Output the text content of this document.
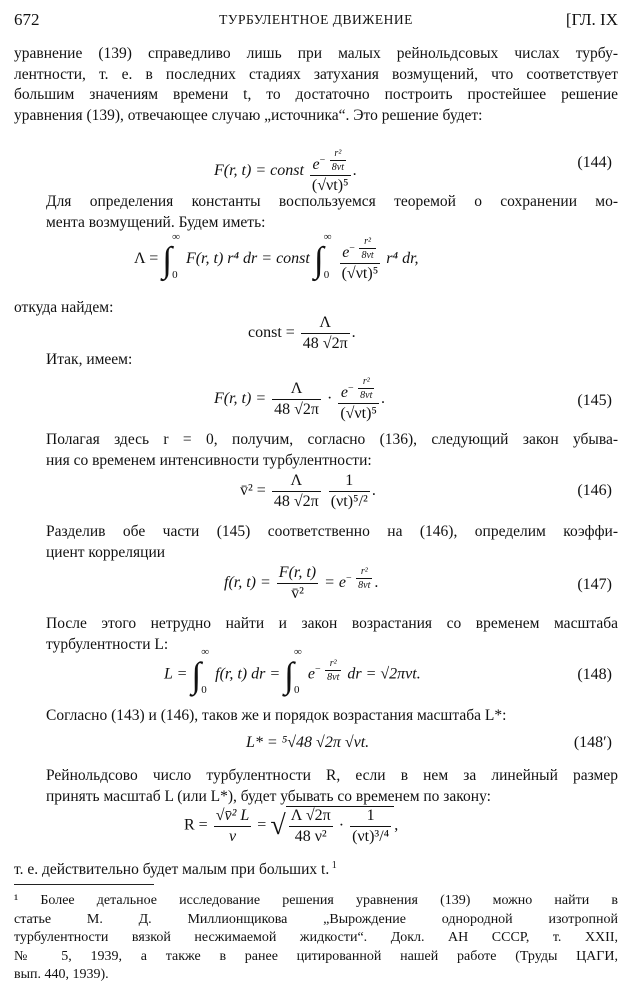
672	ТУРБУЛЕНТНОЕ ДВИЖЕНИЕ	[ГЛ. IX
уравнение (139) справедливо лишь при малых рейнольдсовых числах турбу-
лентности, т. е. в последних стадиях затухания возмущений, что соответствует
большим значениям времени t, то достаточно построить простейшее решение
уравнения (139), отвечающее случаю „источника“. Это решение будет:
F(r, t) = const $e^{- \frac{\text{r²}}{8\nu t}}$
(√νt)⁵ .	(144)
Для определения константы воспользуемся теоремой о сохранении мо-
мента возмущений. Будем иметь:
Λ = ∫
∞
0
F(r, t) r⁴ dr = const ∫
∞
0
$e^{- \frac{\text{r²}}{8\nu t}}$
(√νt)⁵ r⁴ dr,
откуда найдем:
const = $\frac{\Lambda}{48 √2\pi}$ .
Итак, имеем:
F(r, $t) = \frac{\Lambda}{48 √2\pi} \cdot e^{- \frac{\text{r²}}{8\nu t}}$
(√νt)⁵ .	(145)
Полагая здесь r = 0, получим, согласно (136), следующий закон убыва-
ния со временем интенсивности турбулентности:
v̄² = $\frac{\Lambda}{48 √2\pi}$
$\frac{1}{\text{(νt)⁵/²}}$ .	(146)
Разделив обе части (145) соответственно на (146), определим коэффи-
циент корреляции
f(r, $t) = \frac{F(r, t)}{\text{v̄²}} = e^{- \frac{\text{r²}}{8\nu t}}$ .	(147)
После этого нетрудно найти и закон возрастания со временем масштаба
турбулентности L:
L = ∫
∞
0
f(r, t) dr = ∫
∞
0
$e^{- \frac{\text{r²}}{8\nu t}}$ dr = √2πνt.	(148)
Согласно (143) и (146), таков же и порядок возрастания масштаба L*:
L* = ⁵√48 √2π √νt.	(148′)
Рейнольдсово число турбулентности R, если в нем за линейный размер
принять масштаб L (или L*), будет убывать со временем по закону:
$R = \frac{\text{√v̄² L}}{\nu}$ = √ $\frac{\Lambda √2\pi}{\text{48 ν²}} \cdot \frac{1}{\text{(νt)³/⁴}}$ ,
т. е. действительно будет малым при больших t. $^1$
¹ Более детальное исследование решения уравнения (139) можно найти в
статье М. Д. Миллионщикова „Вырождение однородной изотропной
турбулентности вязкой несжимаемой жидкости“. Докл. АН СССР, т. XXII,
№ 5, 1939, а также в ранее цитированной нашей работе (Труды ЦАГИ,
вып. 440, 1939).
